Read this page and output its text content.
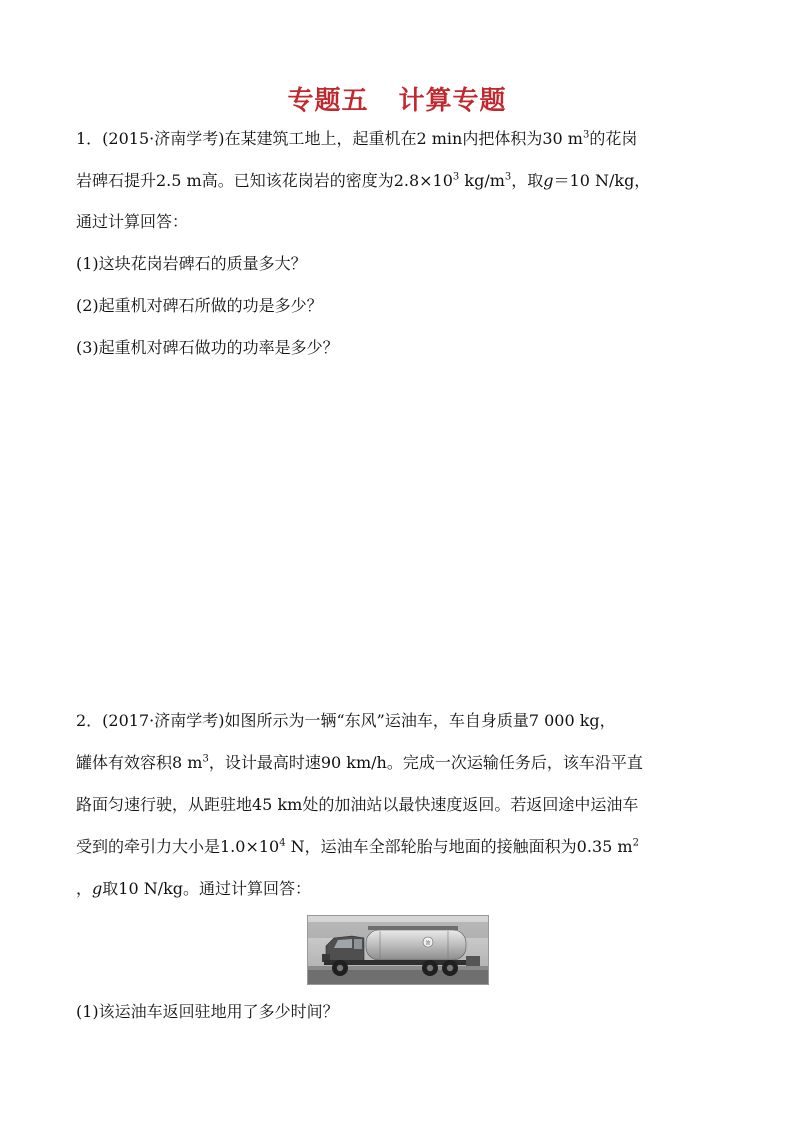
专题五 计算专题
1．(2015·济南学考)在某建筑工地上，起重机在2 min内把体积为30 $m^3$的花岗
岩碑石提升2.5 m高。已知该花岗岩的密度为$2.8\times 10^3$ $kg/m^3$，取g＝10 N/kg，
通过计算回答：
(1)这块花岗岩碑石的质量多大？
(2)起重机对碑石所做的功是多少？
(3)起重机对碑石做功的功率是多少？
2．(2017·济南学考)如图所示为一辆“东风”运油车，车自身质量7 000 kg，
罐体有效容积8 $m^3$，设计最高时速90 km/h。完成一次运输任务后，该车沿平直
路面匀速行驶，从距驻地45 km处的加油站以最快速度返回。若返回途中运油车
受到的牵引力大小是$1.0\times 10^4$ N，运油车全部轮胎与地面的接触面积为0.35 $m^2$
，g取10 N/kg。通过计算回答：
油
(1)该运油车返回驻地用了多少时间？
